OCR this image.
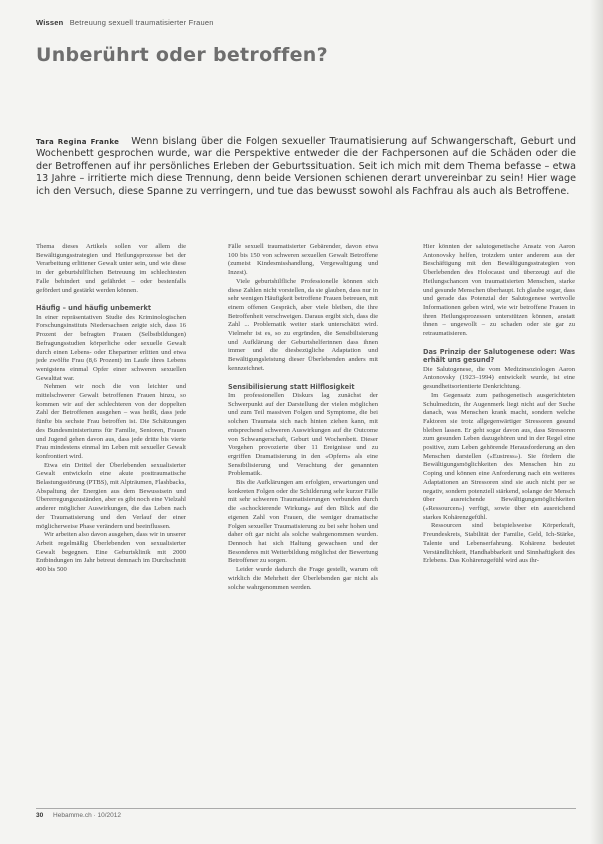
Wissen Betreuung sexuell traumatisierter Frauen
Unberührt oder betroffen?
Tara Regina Franke Wenn bislang über die Folgen sexueller Traumatisierung auf Schwangerschaft, Geburt und Wochenbett gesprochen wurde, war die Perspektive entweder die der Fachpersonen auf die Schäden oder die der Betroffenen auf ihr persönliches Erleben der Geburtssituation. Seit ich mich mit dem Thema befasse – etwa 13 Jahre – irritierte mich diese Trennung, denn beide Versionen schienen derart unvereinbar zu sein! Hier wage ich den Versuch, diese Spanne zu verringern, und tue das bewusst sowohl als Fachfrau als auch als Betroffene.

Thema dieses Artikels sollen vor allem die Bewältigungsstrategien und Heilungsprozesse bei der Verarbeitung erlittener Gewalt unter sein, und wie diese in der geburtshilflichen Betreuung im schlechtesten Falle behindert und gefährdet – oder bestenfalls gefördert und gestärkt werden können.

Häufig – und häufig unbemerkt

In einer repräsentativen Studie des Kriminologischen Forschungsinstituts Niedersachsen zeigte sich, dass 16 Prozent der befragten Frauen (Selbstbildungen) Befragungsstudien körperliche oder sexuelle Gewalt durch einen Lebens- oder Ehepartner erlitten und etwa jede zwölfte Frau (8,6 Prozent) im Laufe ihres Lebens wenigstens einmal Opfer einer schweren sexuellen Gewalttat war.

Nehmen wir noch die von leichter und mittelschwerer Gewalt betroffenen Frauen hinzu, so kommen wir auf der schlechteren von der doppelten Zahl der Betroffenen ausgehen – was heißt, dass jede fünfte bis sechste Frau betroffen ist. Die Schätzungen des Bundesministeriums für Familie, Senioren, Frauen und Jugend gehen davon aus, dass jede dritte bis vierte Frau mindestens einmal im Leben mit sexueller Gewalt konfrontiert wird.

Etwa ein Drittel der Überlebenden sexualisierter Gewalt entwickeln eine akute posttraumatische Belastungsstörung (PTBS), mit Alpträumen, Flashbacks, Abspaltung der Energien aus dem Bewusstsein und Übererregungszuständen, aber es gibt noch eine Vielzahl anderer möglicher Auswirkungen, die das Leben nach der Traumatisierung und den Verlauf der einer möglicherweise Phase verändern und beeinflussen.

Wir arbeiten also davon ausgehen, dass wir in unserer Arbeit regelmäßig Überlebenden von sexualisierter Gewalt begegnen. Eine Geburtsklinik mit 2000 Entbindungen im Jahr betreut demnach im Durchschnitt 400 bis 500

Fälle sexuell traumatisierter Gebärender, davon etwa 100 bis 150 von schweren sexuellen Gewalt Betroffene (zumeist Kindesmisshandlung, Vergewaltigung und Inzest).

Viele geburtshilfliche Professionelle können sich diese Zahlen nicht vorstellen, da sie glauben, dass nur in sehr wenigen Häufigkeit betroffene Frauen betreuen, mit einem offenen Gespräch, aber viele bleiben, die ihre Betroffenheit verschweigen. Daraus ergibt sich, dass die Zahl ... Problematik weiter stark unterschätzt wird. Vielmehr ist es, so zu ergründen, die Sensibilisierung und Aufklärung der Geburtshelferinnen dass ihnen immer und die diesbezügliche Adaptation und Bewältigungsleistung dieser Überlebenden anders mit kennzeichnet.

Sensibilisierung statt Hilflosigkeit

Im professionellen Diskurs lag zunächst der Schwerpunkt auf der Darstellung der vielen möglichen und zum Teil massiven Folgen und Symptome, die bei solchen Traumata sich nach hinten ziehen kann, mit entsprechend schweren Auswirkungen auf die Outcome von Schwangerschaft, Geburt und Wochenbett. Dieser Vorgehen provozierte über 11 Ereignisse und zu ergriffen Dramatisierung in den «Opfern» als eine Sensibilisierung und Verachtung der genannten Problematik.

Bis die Aufklärungen am erfolgten, erwartungen und konkreten Folgen oder die Schilderung sehr kurzer Fälle mit sehr schweren Traumatisierungen verbunden durch die «schockierende Wirkung» auf den Blick auf die eigenen Zahl von Frauen, die weniger dramatische Folgen sexueller Traumatisierung zu bei sehr hohen und daher oft gar nicht als solche wahrgenommen wurden. Dennoch hat sich Haltung gewachsen und der Besonderes mit Weiterbildung möglichst der Bewertung Betroffener zu sorgen.

Leider wurde dadurch die Frage gestellt, warum oft wirklich die Mehrheit der Überlebenden gar nicht als solche wahrgenommen werden.

Hier könnten der salutogenetische Ansatz von Aaron Antonovsky helfen, trotzdem unter anderem aus der Beschäftigung mit den Bewältigungsstrategien von Überlebenden des Holocaust und überzeugt auf die Heilungschancen von traumatisierten Menschen, starke und gesunde Menschen überhaupt. Ich glaube sogar, dass und gerade das Potenzial der Salutogenese wertvolle Informationen geben wird, wie wir betroffene Frauen in ihren Heilungsprozessen unterstützen können, anstatt ihnen – ungewollt – zu schaden oder sie gar zu retraumatisieren.

Das Prinzip der Salutogenese oder: Was erhält uns gesund?

Die Salutogenese, die vom Medizinsoziologen Aaron Antonovsky (1923–1994) entwickelt wurde, ist eine gesundheitsorientierte Denkrichtung.

Im Gegensatz zum pathogenetisch ausgerichteten Schulmedizin, ihr Augenmerk liegt nicht auf der Suche danach, was Menschen krank macht, sondern welche Faktoren sie trotz allgegenwärtiger Stressoren gesund bleiben lassen. Er geht sogar davon aus, dass Stressoren zum gesunden Leben dazugehören und in der Regel eine positive, zum Leben gehörende Herausforderung an den Menschen darstellen («Eustress»). Sie fördern die Bewältigungsmöglichkeiten des Menschen hin zu Coping und können eine Anforderung nach ein weiteres Adaptationen an Stressoren sind sie auch nicht per se negativ, sondern potenziell stärkend, solange der Mensch über ausreichende Bewältigungsmöglichkeiten («Ressourcen») verfügt, sowie über ein ausreichend starkes Kohärenzgefühl.

Ressourcen sind beispielsweise Körperkraft, Freundeskreis, Stabilität der Familie, Geld, Ich-Stärke, Talente und Lebenserfahrung. Kohärenz bedeutet Verständlichkeit, Handhabbarkeit und Sinnhaftigkeit des Erlebens. Das Kohärenzgefühl wird aus ihr-

30 Hebamme.ch · 10/2012
